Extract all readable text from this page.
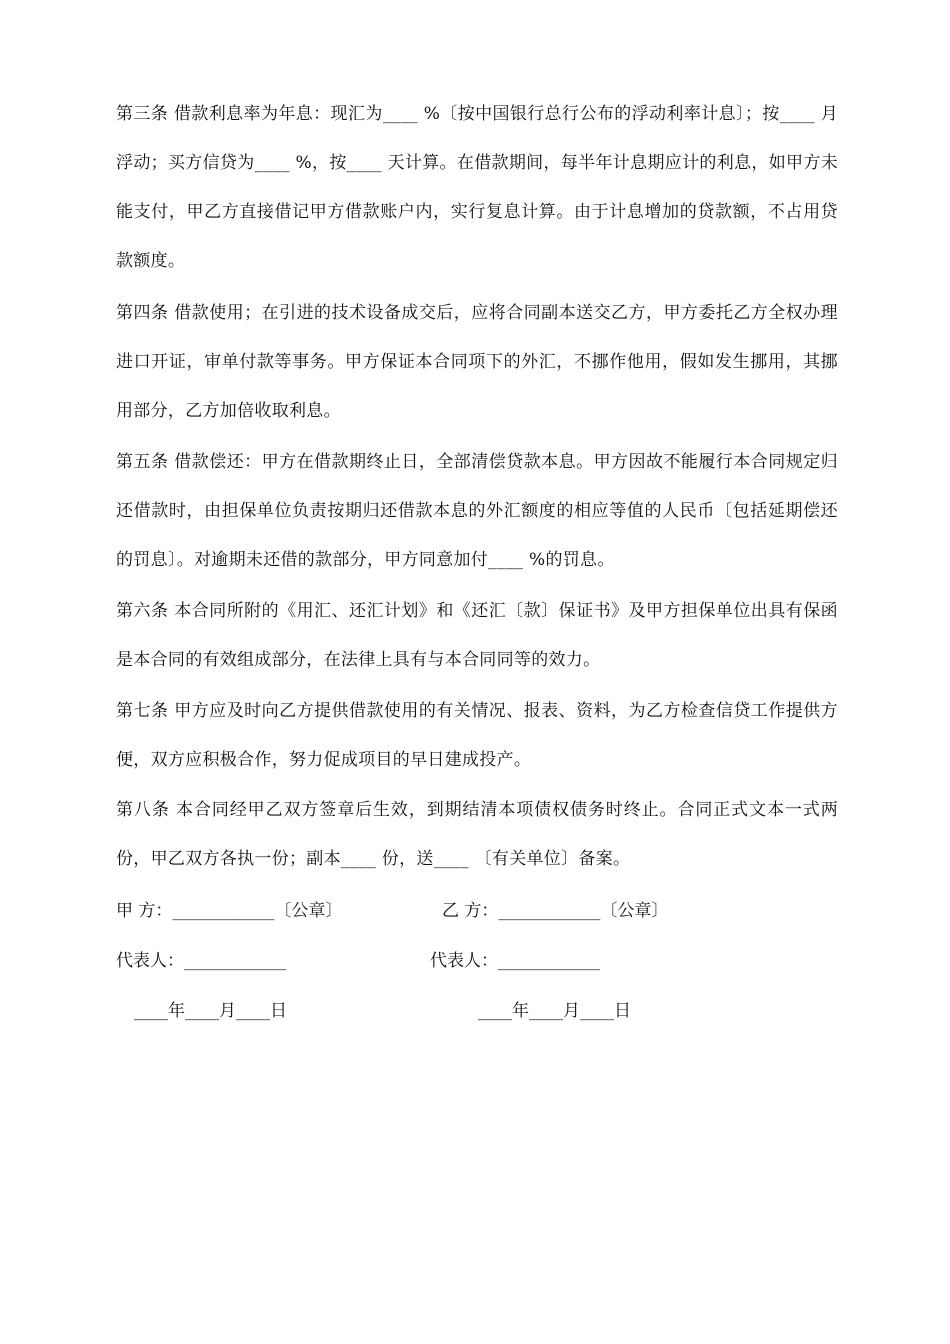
第三条 借款利息率为年息：现汇为____ %〔按中国银行总行公布的浮动利率计息〕；按____ 月浮动；买方信贷为____ %，按____ 天计算。在借款期间，每半年计息期应计的利息，如甲方未能支付，甲乙方直接借记甲方借款账户内，实行复息计算。由于计息增加的贷款额，不占用贷款额度。

第四条 借款使用；在引进的技术设备成交后，应将合同副本送交乙方，甲方委托乙方全权办理进口开证，审单付款等事务。甲方保证本合同项下的外汇，不挪作他用，假如发生挪用，其挪用部分，乙方加倍收取利息。

第五条 借款偿还：甲方在借款期终止日，全部清偿贷款本息。甲方因故不能履行本合同规定归还借款时，由担保单位负责按期归还借款本息的外汇额度的相应等值的人民币〔包括延期偿还的罚息〕。对逾期未还借的款部分，甲方同意加付____ %的罚息。

第六条 本合同所附的《用汇、还汇计划》和《还汇〔款〕保证书》及甲方担保单位出具有保函是本合同的有效组成部分，在法律上具有与本合同同等的效力。

第七条 甲方应及时向乙方提供借款使用的有关情况、报表、资料，为乙方检查信贷工作提供方便，双方应积极合作，努力促成项目的早日建成投产。

第八条 本合同经甲乙双方签章后生效，到期结清本项债权债务时终止。合同正式文本一式两份，甲乙双方各执一份；副本____ 份，送____ 〔有关单位〕备案。

甲 方：____________〔公章〕	乙 方：____________〔公章〕
代表人：____________	代表人：____________
____年____月____日	____年____月____日
